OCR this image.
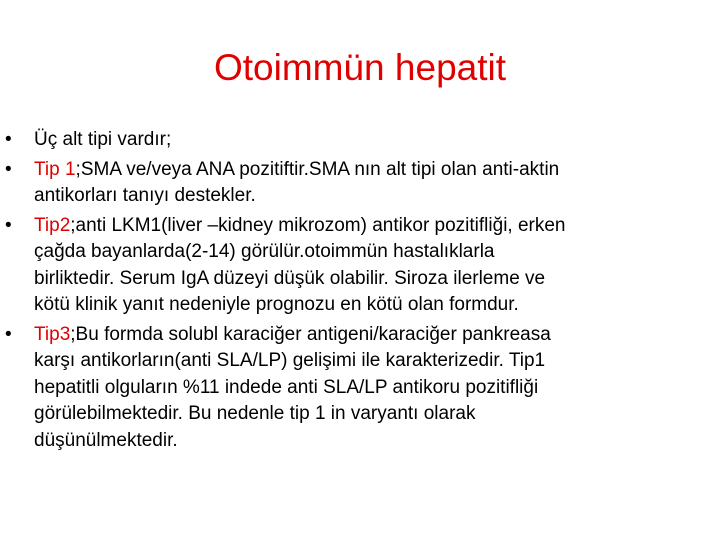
Otoimmün hepatit
• Üç alt tipi vardır;
• Tip 1;SMA ve/veya ANA pozitiftir.SMA nın alt tipi olan anti-aktin
antikorları tanıyı destekler.
• Tip2;anti LKM1(liver –kidney mikrozom) antikor pozitifliği, erken
çağda bayanlarda(2-14) görülür.otoimmün hastalıklarla
birliktedir. Serum IgA düzeyi düşük olabilir. Siroza ilerleme ve
kötü klinik yanıt nedeniyle prognozu en kötü olan formdur.
• Tip3;Bu formda solubl karaciğer antigeni/karaciğer pankreasa
karşı antikorların(anti SLA/LP) gelişimi ile karakterizedir. Tip1
hepatitli olguların %11 indede anti SLA/LP antikoru pozitifliği
görülebilmektedir. Bu nedenle tip 1 in varyantı olarak
düşünülmektedir.
